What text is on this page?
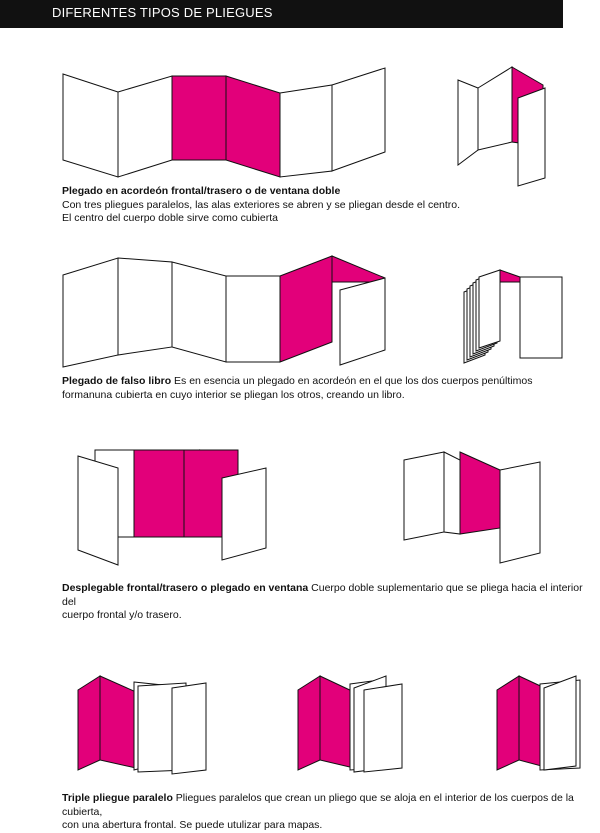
DIFERENTES TIPOS DE PLIEGUES
Plegado en acordeón frontal/trasero o de ventana doble
Con tres pliegues paralelos, las alas exteriores se abren y se pliegan desde el centro.
El centro del cuerpo doble sirve como cubierta
Plegado de falso libro Es en esencia un plegado en acordeón en el que los dos cuerpos penúltimos
formanuna cubierta en cuyo interior se pliegan los otros, creando un libro.
Desplegable frontal/trasero o plegado en ventana Cuerpo doble suplementario que se pliega hacia el interior del
cuerpo frontal y/o trasero.
Triple pliegue paralelo Pliegues paralelos que crean un pliego que se aloja en el interior de los cuerpos de la cubierta,
con una abertura frontal. Se puede utulizar para mapas.
